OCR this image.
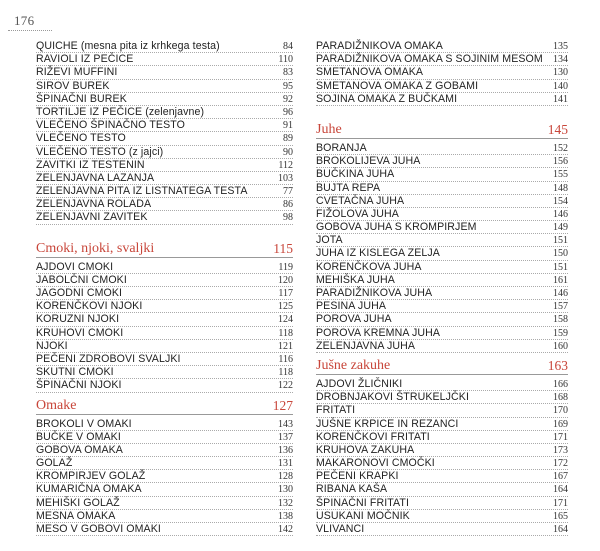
176
QUICHE (mesna pita iz krhkega testa)	84
RAVIOLI IZ PEČICE	110
RIŽEVI MUFFINI	83
SIROV BUREK	95
ŠPINAČNI BUREK	92
TORTILJE IZ PEČICE (zelenjavne)	96
VLEČENO ŠPINAČNO TESTO	91
VLEČENO TESTO	89
VLEČENO TESTO (z jajci)	90
ZAVITKI IZ TESTENIN	112
ZELENJAVNA LAZANJA	103
ZELENJAVNA PITA IZ LISTNATEGA TESTA	77
ZELENJAVNA ROLADA	86
ZELENJAVNI ZAVITEK	98
Cmoki, njoki, svaljki	115
AJDOVI CMOKI	119
JABOLČNI CMOKI	120
JAGODNI CMOKI	117
KORENČKOVI NJOKI	125
KORUZNI NJOKI	124
KRUHOVI CMOKI	118
NJOKI	121
PEČENI ZDROBOVI SVALJKI	116
SKUTNI CMOKI	118
ŠPINAČNI NJOKI	122
Omake	127
BROKOLI V OMAKI	143
BUČKE V OMAKI	137
GOBOVA OMAKA	136
GOLAŽ	131
KROMPIRJEV GOLAŽ	128
KUMARIČNA OMAKA	130
MEHIŠKI GOLAŽ	132
MESNA OMAKA	138
MESO V GOBOVI OMAKI	142
PARADIŽNIKOVA OMAKA	135
PARADIŽNIKOVA OMAKA S SOJINIM MESOM 134
SMETANOVA OMAKA	130
SMETANOVA OMAKA Z GOBAMI	140
SOJINA OMAKA Z BUČKAMI	141
Juhe	145
BORANJA	152
BROKOLIJEVA JUHA	156
BUČKINA JUHA	155
BUJTA REPA	148
CVETAČNA JUHA	154
FIŽOLOVA JUHA	146
GOBOVA JUHA S KROMPIRJEM	149
JOTA	151
JUHA IZ KISLEGA ZELJA	150
KORENČKOVA JUHA	151
MEHIŠKA JUHA	161
PARADIŽNIKOVA JUHA	146
PESINA JUHA	157
POROVA JUHA	158
POROVA KREMNA JUHA	159
ZELENJAVNA JUHA	160
Jušne zakuhe	163
AJDOVI ŽLIČNIKI	166
DROBNJAKOVI ŠTRUKELJČKI	168
FRITATI	170
JUŠNE KRPICE IN REZANCI	169
KORENČKOVI FRITATI	171
KRUHOVA ZAKUHA	173
MAKARONOVI CMOČKI	172
PEČENI KRAPKI	167
RIBANA KAŠA	164
ŠPINAČNI FRITATI	171
USUKANI MOČNIK	165
VLIVANCI	164
